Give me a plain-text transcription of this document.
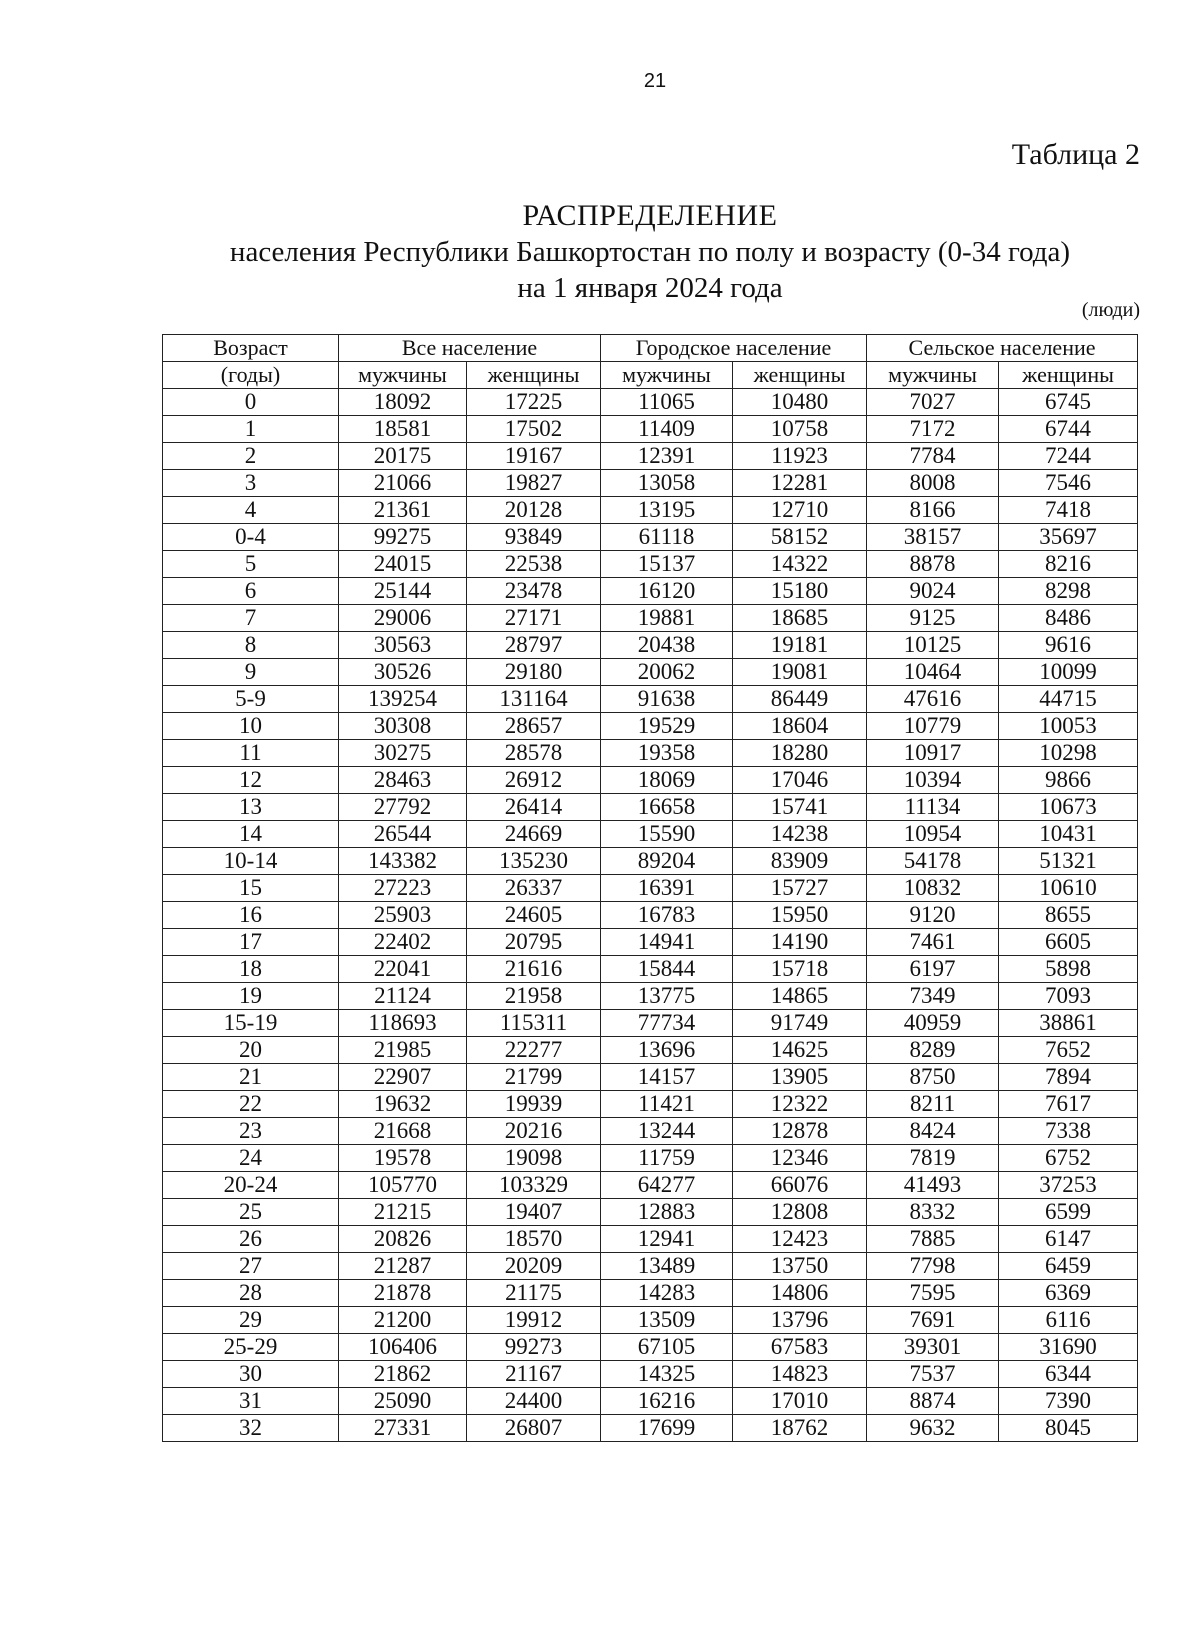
21
Таблица 2
РАСПРЕДЕЛЕНИЕ
населения Республики Башкортостан по полу и возрасту (0-34 года)
на 1 января 2024 года
(люди)
Возраст	Все население		Городское население		Сельское население	
(годы)	мужчины	женщины	мужчины	женщины	мужчины	женщины
0	18092	17225	11065	10480	7027	6745
1	18581	17502	11409	10758	7172	6744
2	20175	19167	12391	11923	7784	7244
3	21066	19827	13058	12281	8008	7546
4	21361	20128	13195	12710	8166	7418
0-4	99275	93849	61118	58152	38157	35697
5	24015	22538	15137	14322	8878	8216
6	25144	23478	16120	15180	9024	8298
7	29006	27171	19881	18685	9125	8486
8	30563	28797	20438	19181	10125	9616
9	30526	29180	20062	19081	10464	10099
5-9	139254	131164	91638	86449	47616	44715
10	30308	28657	19529	18604	10779	10053
11	30275	28578	19358	18280	10917	10298
12	28463	26912	18069	17046	10394	9866
13	27792	26414	16658	15741	11134	10673
14	26544	24669	15590	14238	10954	10431
10-14	143382	135230	89204	83909	54178	51321
15	27223	26337	16391	15727	10832	10610
16	25903	24605	16783	15950	9120	8655
17	22402	20795	14941	14190	7461	6605
18	22041	21616	15844	15718	6197	5898
19	21124	21958	13775	14865	7349	7093
15-19	118693	115311	77734	91749	40959	38861
20	21985	22277	13696	14625	8289	7652
21	22907	21799	14157	13905	8750	7894
22	19632	19939	11421	12322	8211	7617
23	21668	20216	13244	12878	8424	7338
24	19578	19098	11759	12346	7819	6752
20-24	105770	103329	64277	66076	41493	37253
25	21215	19407	12883	12808	8332	6599
26	20826	18570	12941	12423	7885	6147
27	21287	20209	13489	13750	7798	6459
28	21878	21175	14283	14806	7595	6369
29	21200	19912	13509	13796	7691	6116
25-29	106406	99273	67105	67583	39301	31690
30	21862	21167	14325	14823	7537	6344
31	25090	24400	16216	17010	8874	7390
32	27331	26807	17699	18762	9632	8045
